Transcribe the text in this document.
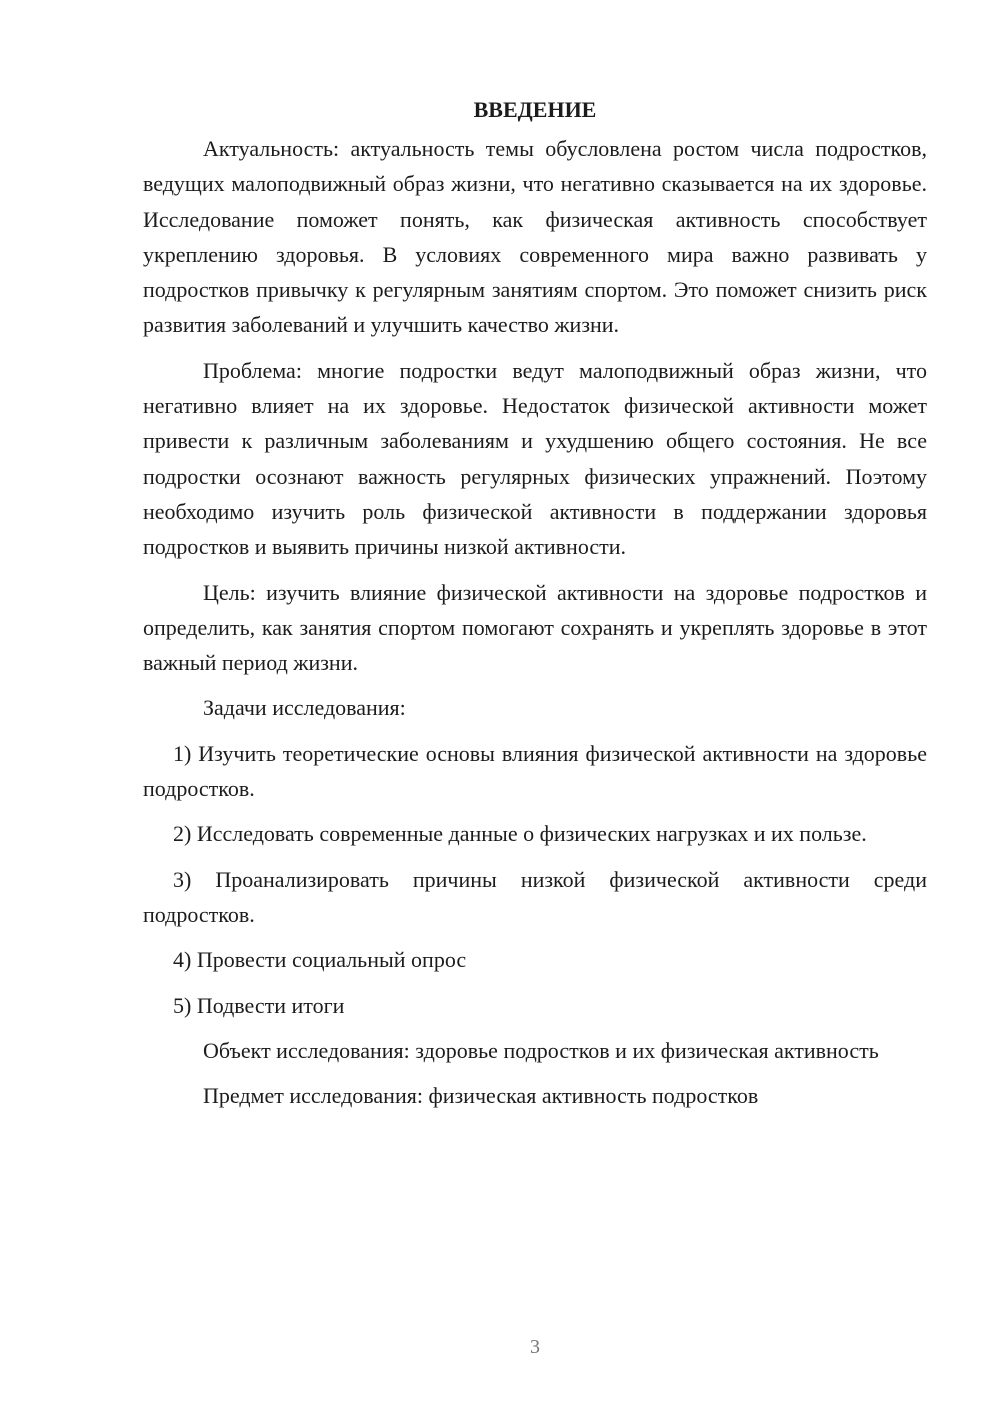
ВВЕДЕНИЕ

Актуальность: актуальность темы обусловлена ростом числа подростков, ведущих малоподвижный образ жизни, что негативно сказывается на их здоровье. Исследование поможет понять, как физическая активность способствует укреплению здоровья. В условиях современного мира важно развивать у подростков привычку к регулярным занятиям спортом. Это поможет снизить риск развития заболеваний и улучшить качество жизни.

Проблема: многие подростки ведут малоподвижный образ жизни, что негативно влияет на их здоровье. Недостаток физической активности может привести к различным заболеваниям и ухудшению общего состояния. Не все подростки осознают важность регулярных физических упражнений. Поэтому необходимо изучить роль физической активности в поддержании здоровья подростков и выявить причины низкой активности.

Цель: изучить влияние физической активности на здоровье подростков и определить, как занятия спортом помогают сохранять и укреплять здоровье в этот важный период жизни.

Задачи исследования:

1) Изучить теоретические основы влияния физической активности на здоровье подростков.

2) Исследовать современные данные о физических нагрузках и их пользе.

3) Проанализировать причины низкой физической активности среди подростков.

4) Провести социальный опрос

5) Подвести итоги

Объект исследования: здоровье подростков и их физическая активность

Предмет исследования: физическая активность подростков

3
